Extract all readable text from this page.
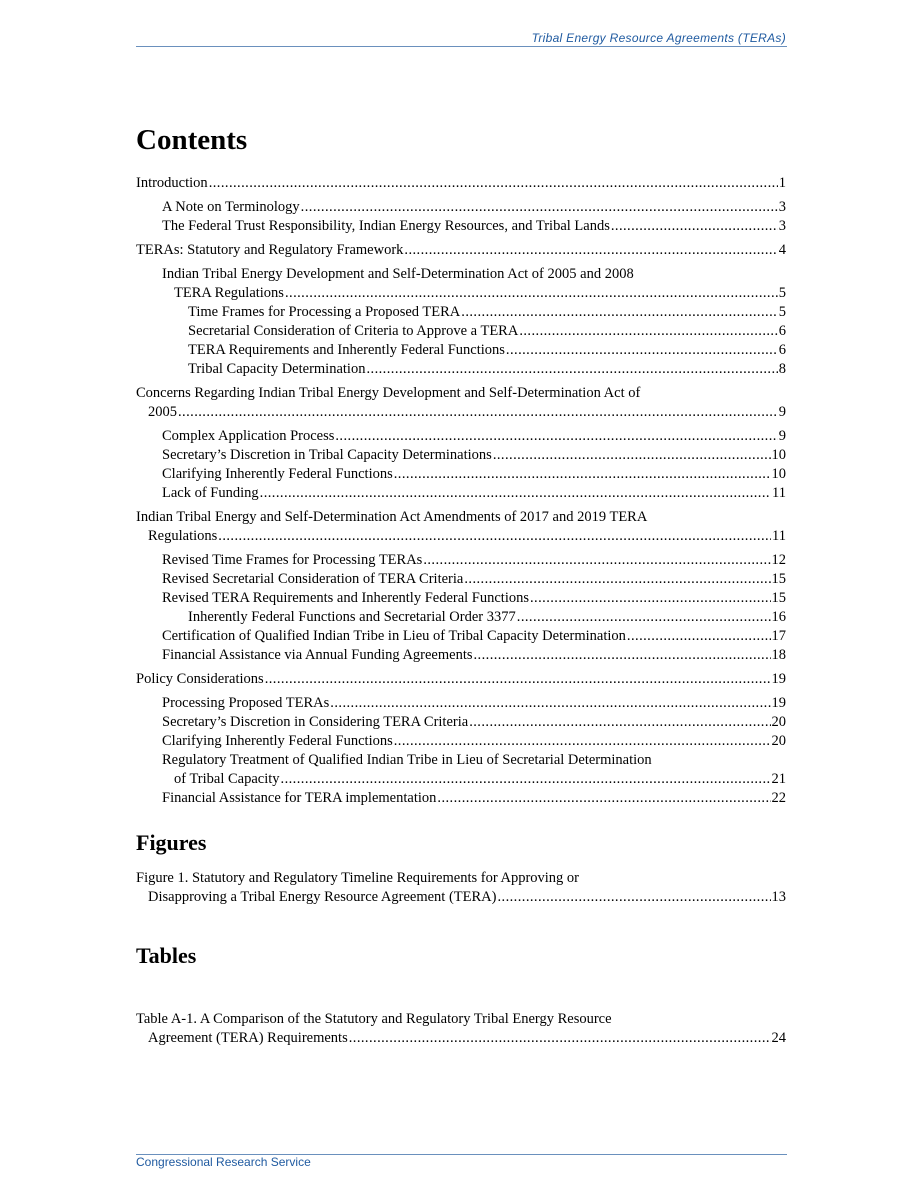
Tribal Energy Resource Agreements (TERAs)
Contents
Introduction . . .	1
A Note on Terminology . . .	3
The Federal Trust Responsibility, Indian Energy Resources, and Tribal Lands . . .	3
TERAs: Statutory and Regulatory Framework . . .	4
Indian Tribal Energy Development and Self-Determination Act of 2005 and 2008
TERA Regulations . . .	5
Time Frames for Processing a Proposed TERA . . .	5
Secretarial Consideration of Criteria to Approve a TERA . . .	6
TERA Requirements and Inherently Federal Functions . . .	6
Tribal Capacity Determination . . .	8
Concerns Regarding Indian Tribal Energy Development and Self-Determination Act of
2005 . . .	9
Complex Application Process . . .	9
Secretary’s Discretion in Tribal Capacity Determinations . . .	10
Clarifying Inherently Federal Functions . . .	10
Lack of Funding . . .	11
Indian Tribal Energy and Self-Determination Act Amendments of 2017 and 2019 TERA
Regulations . . .	11
Revised Time Frames for Processing TERAs . . .	12
Revised Secretarial Consideration of TERA Criteria . . .	15
Revised TERA Requirements and Inherently Federal Functions . . .	15
Inherently Federal Functions and Secretarial Order 3377 . . .	16
Certification of Qualified Indian Tribe in Lieu of Tribal Capacity Determination . . .	17
Financial Assistance via Annual Funding Agreements . . .	18
Policy Considerations . . .	19
Processing Proposed TERAs . . .	19
Secretary’s Discretion in Considering TERA Criteria . . .	20
Clarifying Inherently Federal Functions . . .	20
Regulatory Treatment of Qualified Indian Tribe in Lieu of Secretarial Determination
of Tribal Capacity . . .	21
Financial Assistance for TERA implementation . . .	22
Figures
Figure 1. Statutory and Regulatory Timeline Requirements for Approving or
Disapproving a Tribal Energy Resource Agreement (TERA) . . .	13
Tables
Table A-1. A Comparison of the Statutory and Regulatory Tribal Energy Resource
Agreement (TERA) Requirements . . .	24
Congressional Research Service
